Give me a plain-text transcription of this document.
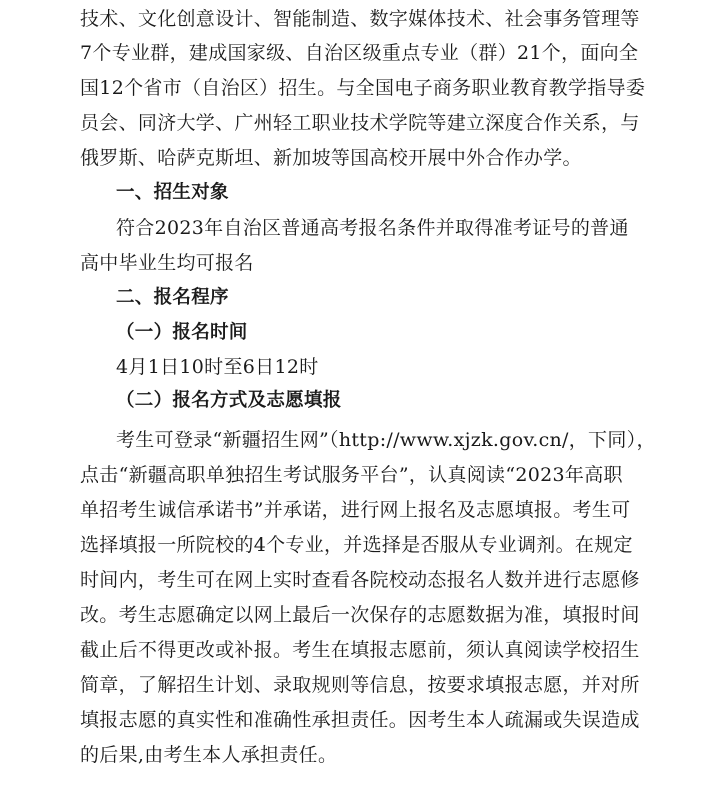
技术、文化创意设计、智能制造、数字媒体技术、社会事务管理等
7个专业群，建成国家级、自治区级重点专业（群）21个，面向全
国12个省市（自治区）招生。与全国电子商务职业教育教学指导委
员会、同济大学、广州轻工职业技术学院等建立深度合作关系，与
俄罗斯、哈萨克斯坦、新加坡等国高校开展中外合作办学。
一、招生对象
符合2023年自治区普通高考报名条件并取得准考证号的普通
高中毕业生均可报名
二、报名程序
（一）报名时间
4月1日10时至6日12时
（二）报名方式及志愿填报
考生可登录“新疆招生网”（http://www.xjzk.gov.cn/，下同），
点击“新疆高职单独招生考试服务平台”，认真阅读“2023年高职
单招考生诚信承诺书”并承诺，进行网上报名及志愿填报。考生可
选择填报一所院校的4个专业，并选择是否服从专业调剂。在规定
时间内，考生可在网上实时查看各院校动态报名人数并进行志愿修
改。考生志愿确定以网上最后一次保存的志愿数据为准，填报时间
截止后不得更改或补报。考生在填报志愿前，须认真阅读学校招生
简章，了解招生计划、录取规则等信息，按要求填报志愿，并对所
填报志愿的真实性和准确性承担责任。因考生本人疏漏或失误造成
的后果,由考生本人承担责任。
